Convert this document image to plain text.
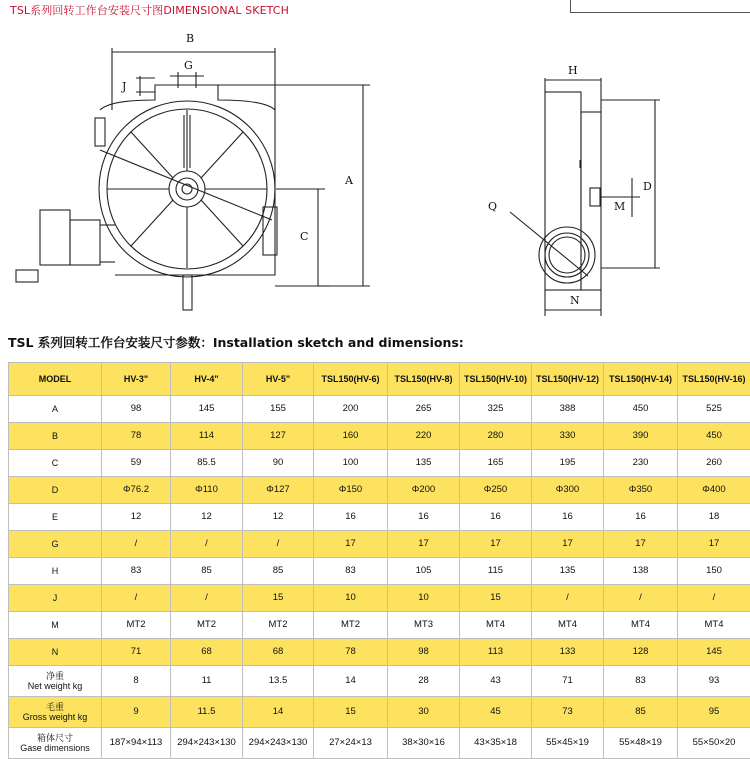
TSL系列回转工作台安装尺寸图DIMENSIONAL SKETCH
B
G
J
A
C
H
D
M
Q
N
TSL 系列回转工作台安装尺寸参数：Installation sketch and dimensions:
MODEL	HV-3"	HV-4"	HV-5"	TSL150(HV-6)	TSL150(HV-8)	TSL150(HV-10)	TSL150(HV-12)	TSL150(HV-14)	TSL150(HV-16)

A	98	145	155	200	265	325	388	450	525

B	78	114	127	160	220	280	330	390	450

C	59	85.5	90	100	135	165	195	230	260

D	Φ76.2	Φ110	Φ127	Φ150	Φ200	Φ250	Φ300	Φ350	Φ400

E	12	12	12	16	16	16	16	16	18

G	/	/	/	17	17	17	17	17	17

H	83	85	85	83	105	115	135	138	150

J	/	/	15	10	10	15	/	/	/

M	MT2	MT2	MT2	MT2	MT3	MT4	MT4	MT4	MT4

N	71	68	68	78	98	113	133	128	145

净重
Net weight kg	8	11	13.5	14	28	43	71	83	93

毛重
Gross weight kg	9	11.5	14	15	30	45	73	85	95

箱体尺寸
Gase dimensions	187×94×113	294×243×130	294×243×130	27×24×13	38×30×16	43×35×18	55×45×19	55×48×19	55×50×20
